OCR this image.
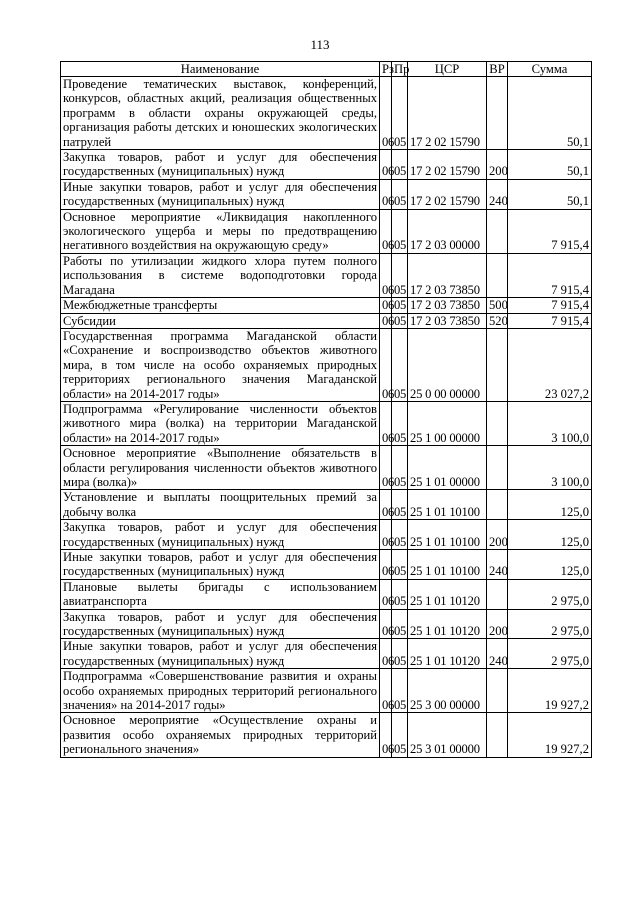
113
Наименование	Рз	Пр	ЦСР	ВР	Сумма
Проведение тематических выставок, конференций, конкурсов, областных акций, реализация общественных программ в области охраны окружающей среды, организация работы детских и юношеских экологических патрулей	06	05	17 2 02 15790		50,1
Закупка товаров, работ и услуг для обеспечения государственных (муниципальных) нужд	06	05	17 2 02 15790	200	50,1
Иные закупки товаров, работ и услуг для обеспечения государственных (муниципальных) нужд	06	05	17 2 02 15790	240	50,1
Основное мероприятие «Ликвидация накопленного экологического ущерба и меры по предотвращению негативного воздействия на окружающую среду»	06	05	17 2 03 00000		7 915,4
Работы по утилизации жидкого хлора путем полного использования в системе водоподготовки города Магадана	06	05	17 2 03 73850		7 915,4
Межбюджетные трансферты	06	05	17 2 03 73850	500	7 915,4
Субсидии	06	05	17 2 03 73850	520	7 915,4
Государственная программа Магаданской области «Сохранение и воспроизводство объектов животного мира, в том числе на особо охраняемых природных территориях регионального значения Магаданской области» на 2014-2017 годы»	06	05	25 0 00 00000		23 027,2
Подпрограмма «Регулирование численности объектов животного мира (волка) на территории Магаданской области» на 2014-2017 годы»	06	05	25 1 00 00000		3 100,0
Основное мероприятие «Выполнение обязательств в области регулирования численности объектов животного мира (волка)»	06	05	25 1 01 00000		3 100,0
Установление и выплаты поощрительных премий за добычу волка	06	05	25 1 01 10100		125,0
Закупка товаров, работ и услуг для обеспечения государственных (муниципальных) нужд	06	05	25 1 01 10100	200	125,0
Иные закупки товаров, работ и услуг для обеспечения государственных (муниципальных) нужд	06	05	25 1 01 10100	240	125,0
Плановые вылеты бригады с использованием авиатранспорта	06	05	25 1 01 10120		2 975,0
Закупка товаров, работ и услуг для обеспечения государственных (муниципальных) нужд	06	05	25 1 01 10120	200	2 975,0
Иные закупки товаров, работ и услуг для обеспечения государственных (муниципальных) нужд	06	05	25 1 01 10120	240	2 975,0
Подпрограмма «Совершенствование развития и охраны особо охраняемых природных территорий регионального значения» на 2014-2017 годы»	06	05	25 3 00 00000		19 927,2
Основное мероприятие «Осуществление охраны и развития особо охраняемых природных территорий регионального значения»	06	05	25 3 01 00000		19 927,2
